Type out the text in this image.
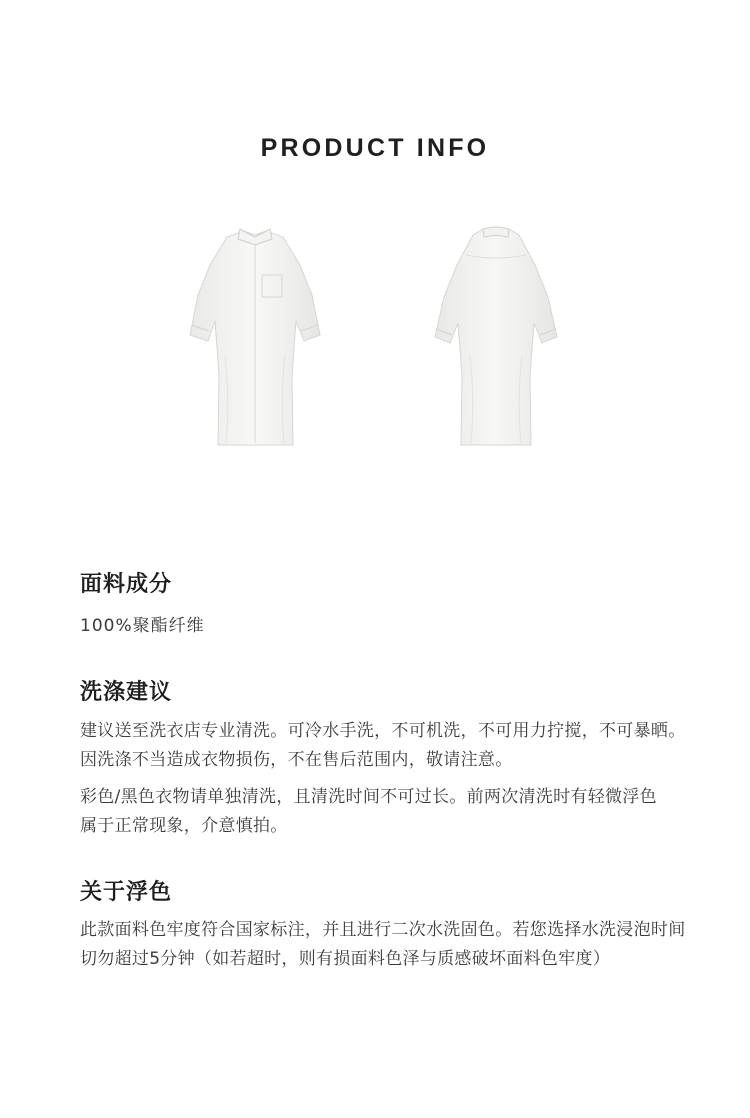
PRODUCT INFO
面料成分

100%聚酯纤维

洗涤建议

建议送至洗衣店专业清洗。可冷水手洗，不可机洗，不可用力拧搅，不可暴晒。因洗涤不当造成衣物损伤，不在售后范围内，敬请注意。

彩色/黑色衣物请单独清洗，且清洗时间不可过长。前两次清洗时有轻微浮色属于正常现象，介意慎拍。

关于浮色

此款面料色牢度符合国家标注，并且进行二次水洗固色。若您选择水洗浸泡时间切勿超过5分钟（如若超时，则有损面料色泽与质感破坏面料色牢度）
